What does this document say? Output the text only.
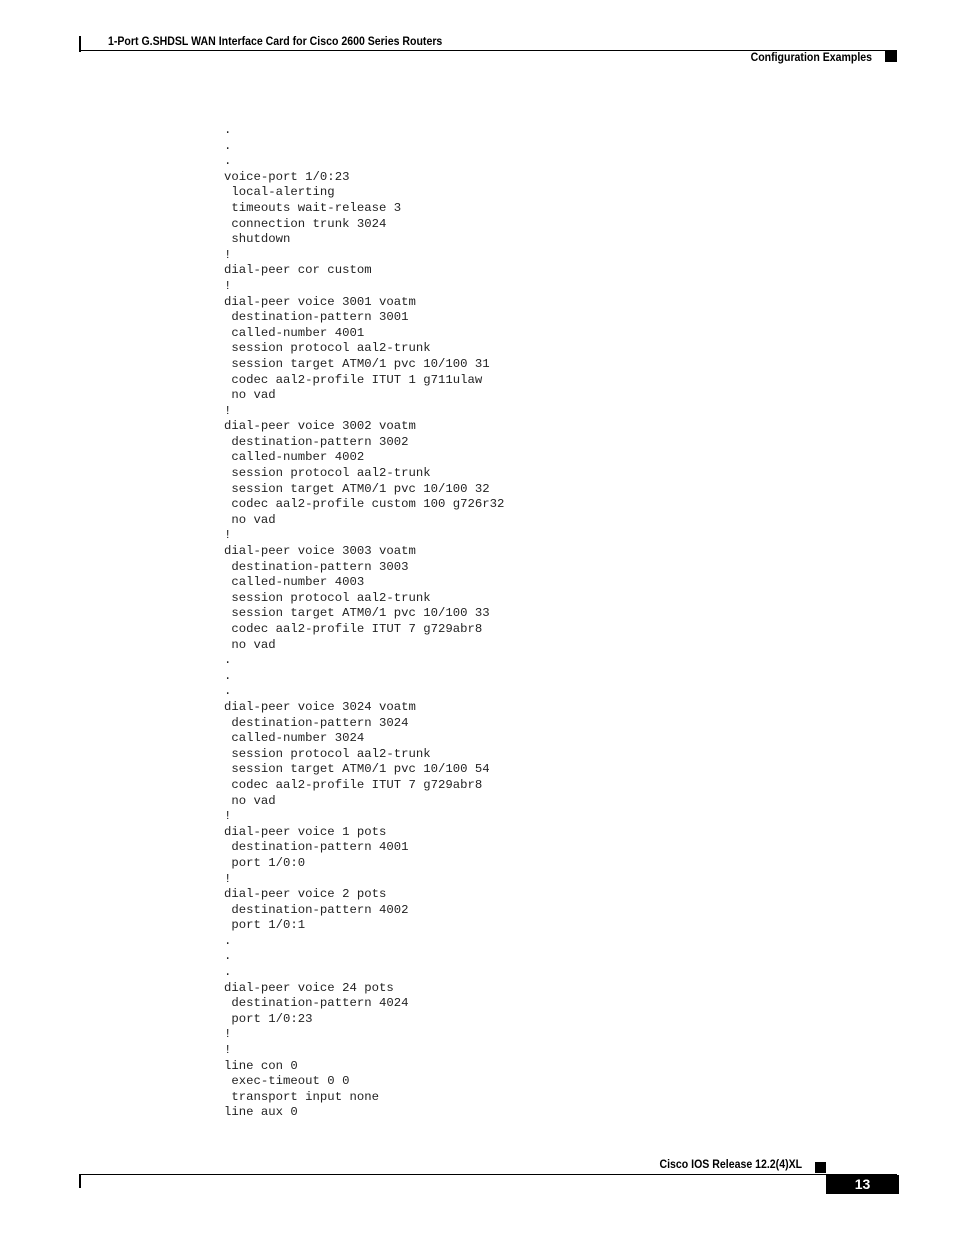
1-Port G.SHDSL WAN Interface Card for Cisco 2600 Series Routers
Configuration Examples
.
.
.
voice-port 1/0:23
local-alerting
timeouts wait-release 3
connection trunk 3024
shutdown
!
dial-peer cor custom
!
dial-peer voice 3001 voatm
destination-pattern 3001
called-number 4001
session protocol aal2-trunk
session target ATM0/1 pvc 10/100 31
codec aal2-profile ITUT 1 g711ulaw
no vad
!
dial-peer voice 3002 voatm
destination-pattern 3002
called-number 4002
session protocol aal2-trunk
session target ATM0/1 pvc 10/100 32
codec aal2-profile custom 100 g726r32
no vad
!
dial-peer voice 3003 voatm
destination-pattern 3003
called-number 4003
session protocol aal2-trunk
session target ATM0/1 pvc 10/100 33
codec aal2-profile ITUT 7 g729abr8
no vad
.
.
.
dial-peer voice 3024 voatm
destination-pattern 3024
called-number 3024
session protocol aal2-trunk
session target ATM0/1 pvc 10/100 54
codec aal2-profile ITUT 7 g729abr8
no vad
!
dial-peer voice 1 pots
destination-pattern 4001
port 1/0:0
!
dial-peer voice 2 pots
destination-pattern 4002
port 1/0:1
.
.
.
dial-peer voice 24 pots
destination-pattern 4024
port 1/0:23
!
!
line con 0
exec-timeout 0 0
transport input none
line aux 0
Cisco IOS Release 12.2(4)XL
13
